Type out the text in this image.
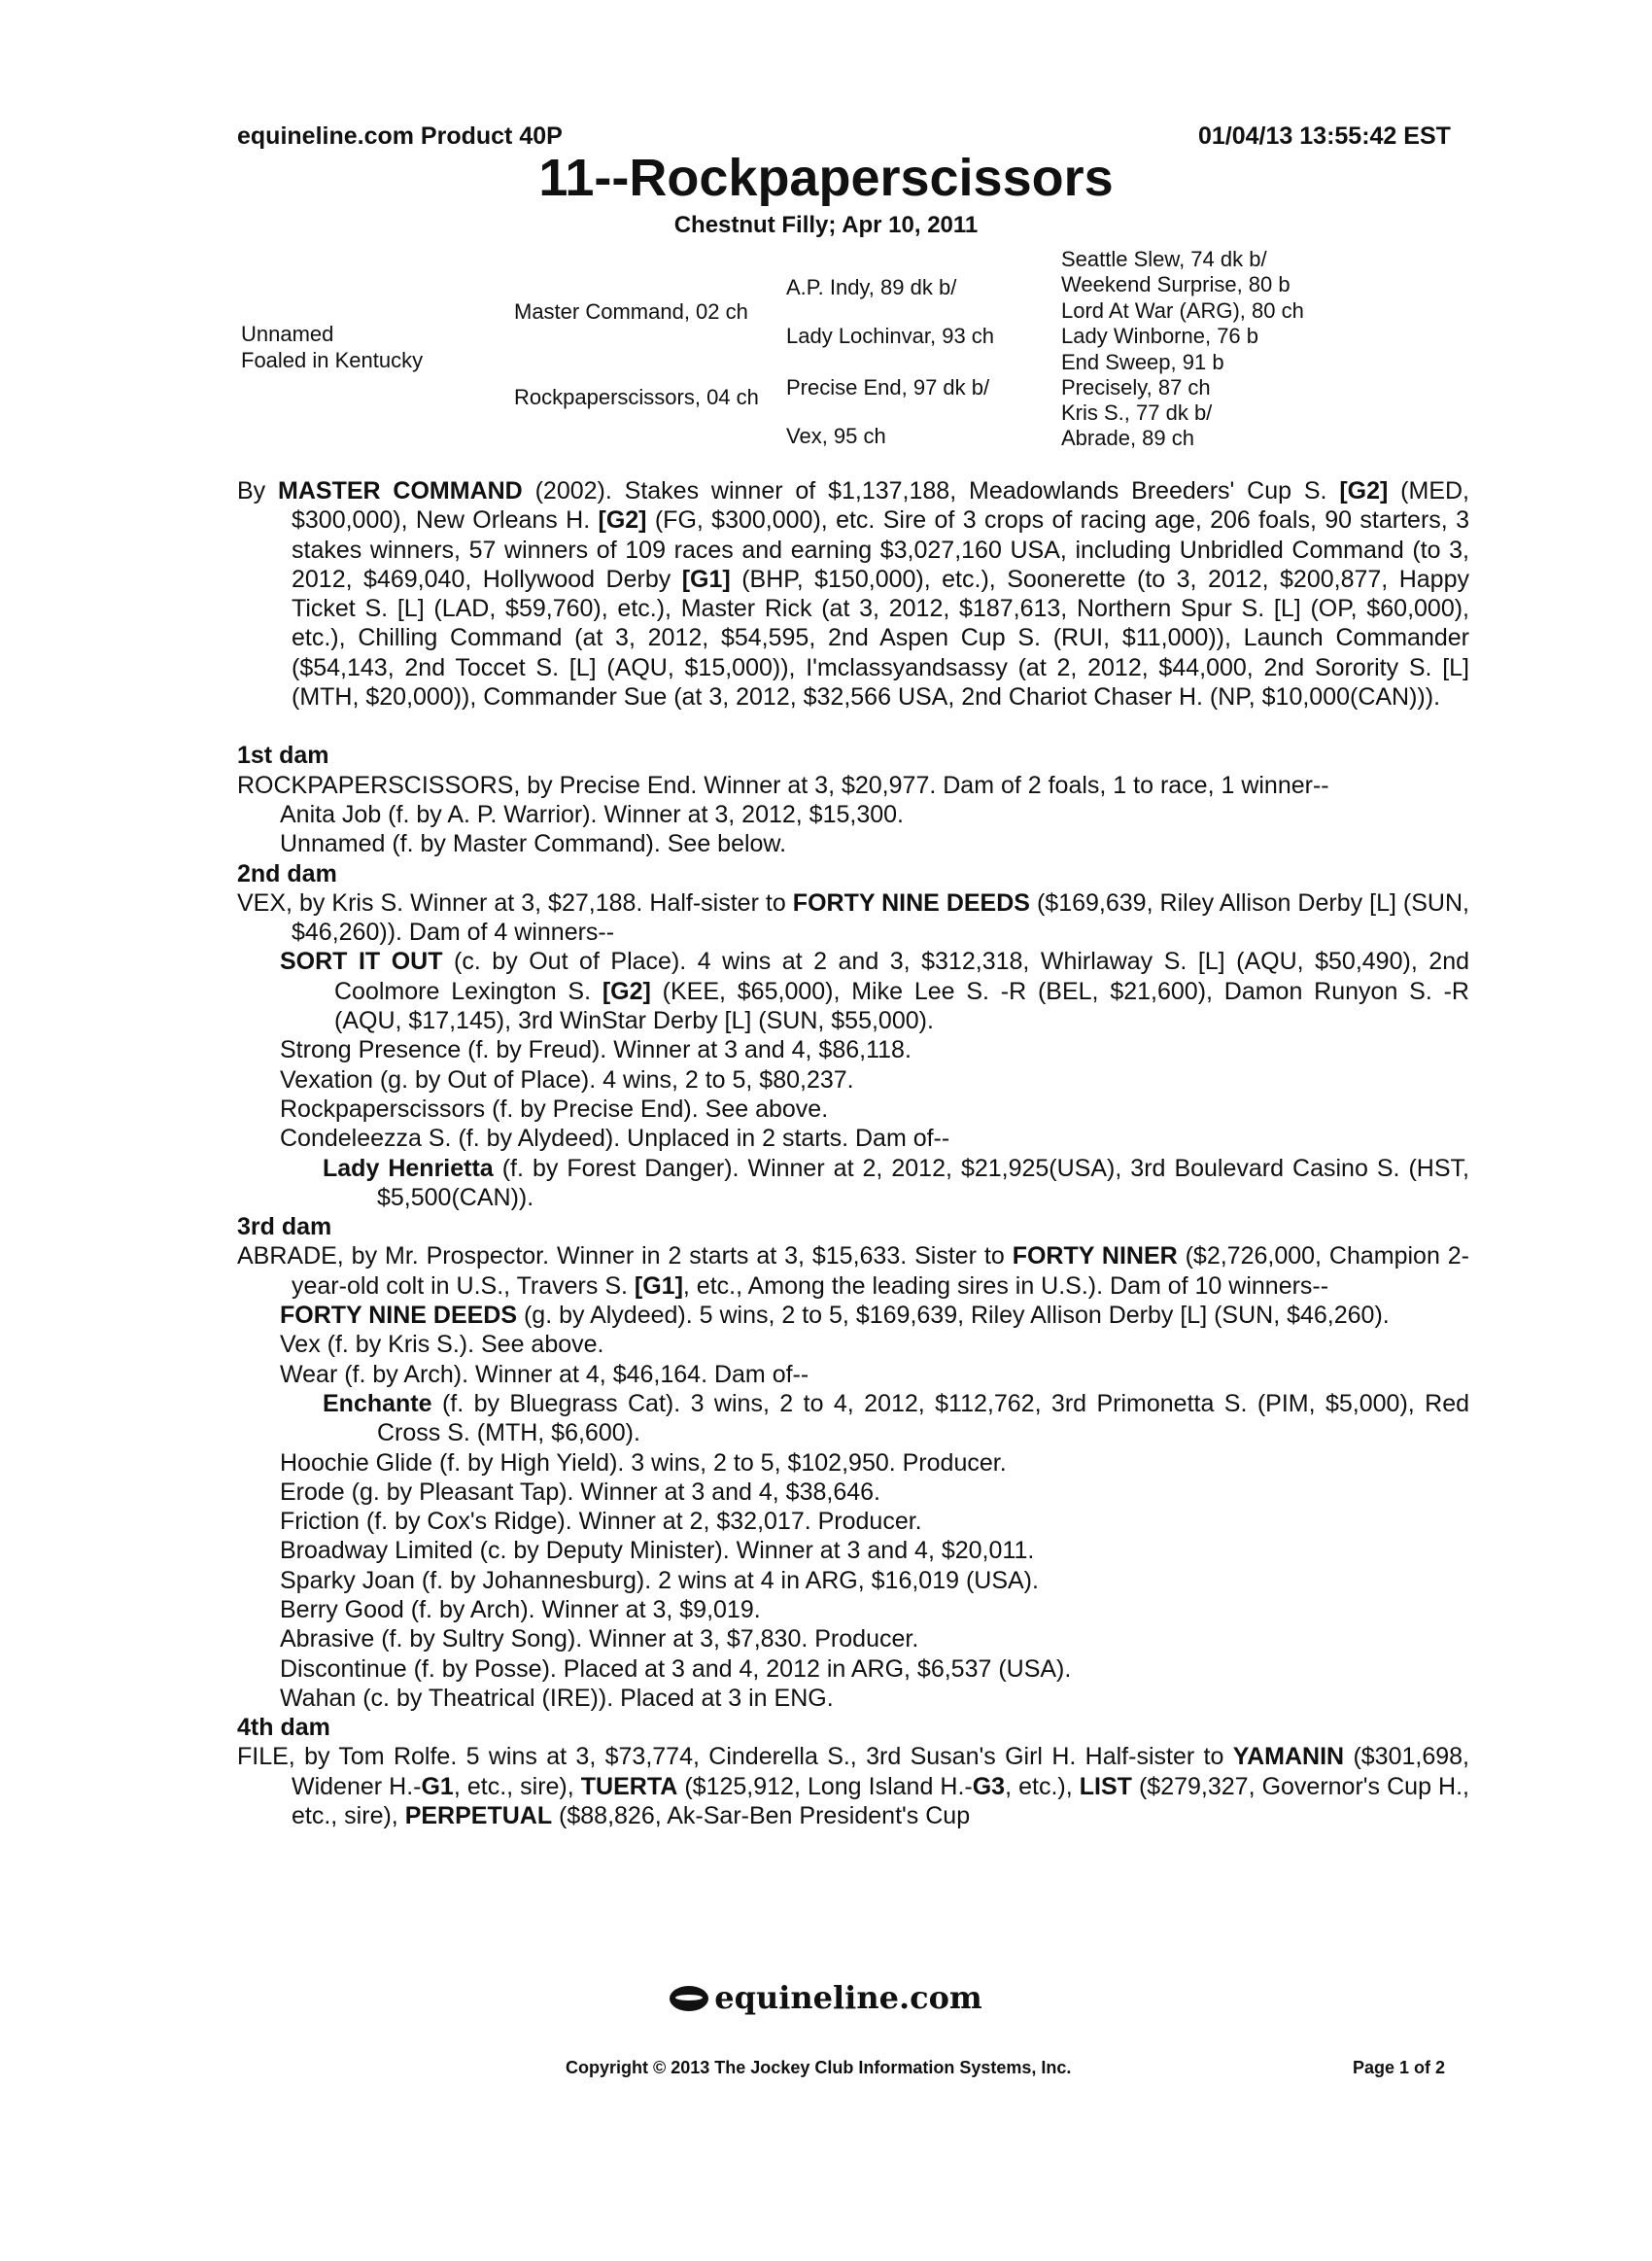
equineline.com Product 40P	01/04/13 13:55:42 EST
11--Rockpaperscissors
Chestnut Filly; Apr 10, 2011
Unnamed
Foaled in Kentucky
Master Command, 02 ch
Rockpaperscissors, 04 ch
A.P. Indy, 89 dk b/
Lady Lochinvar, 93 ch
Precise End, 97 dk b/
Vex, 95 ch
Seattle Slew, 74 dk b/
Weekend Surprise, 80 b
Lord At War (ARG), 80 ch
Lady Winborne, 76 b
End Sweep, 91 b
Precisely, 87 ch
Kris S., 77 dk b/
Abrade, 89 ch

By MASTER COMMAND (2002). Stakes winner of $1,137,188, Meadowlands Breeders' Cup S. [G2] (MED, $300,000), New Orleans H. [G2] (FG, $300,000), etc. Sire of 3 crops of racing age, 206 foals, 90 starters, 3 stakes winners, 57 winners of 109 races and earning $3,027,160 USA, including Unbridled Command (to 3, 2012, $469,040, Hollywood Derby [G1] (BHP, $150,000), etc.), Soonerette (to 3, 2012, $200,877, Happy Ticket S. [L] (LAD, $59,760), etc.), Master Rick (at 3, 2012, $187,613, Northern Spur S. [L] (OP, $60,000), etc.), Chilling Command (at 3, 2012, $54,595, 2nd Aspen Cup S. (RUI, $11,000)), Launch Commander ($54,143, 2nd Toccet S. [L] (AQU, $15,000)), I'mclassyandsassy (at 2, 2012, $44,000, 2nd Sorority S. [L] (MTH, $20,000)), Commander Sue (at 3, 2012, $32,566 USA, 2nd Chariot Chaser H. (NP, $10,000(CAN))).

1st dam

ROCKPAPERSCISSORS, by Precise End. Winner at 3, $20,977. Dam of 2 foals, 1 to race, 1 winner--

Anita Job (f. by A. P. Warrior). Winner at 3, 2012, $15,300.

Unnamed (f. by Master Command). See below.

2nd dam

VEX, by Kris S. Winner at 3, $27,188. Half-sister to FORTY NINE DEEDS ($169,639, Riley Allison Derby [L] (SUN, $46,260)). Dam of 4 winners--

SORT IT OUT (c. by Out of Place). 4 wins at 2 and 3, $312,318, Whirlaway S. [L] (AQU, $50,490), 2nd Coolmore Lexington S. [G2] (KEE, $65,000), Mike Lee S. -R (BEL, $21,600), Damon Runyon S. -R (AQU, $17,145), 3rd WinStar Derby [L] (SUN, $55,000).

Strong Presence (f. by Freud). Winner at 3 and 4, $86,118.

Vexation (g. by Out of Place). 4 wins, 2 to 5, $80,237.

Rockpaperscissors (f. by Precise End). See above.

Condeleezza S. (f. by Alydeed). Unplaced in 2 starts. Dam of--

Lady Henrietta (f. by Forest Danger). Winner at 2, 2012, $21,925(USA), 3rd Boulevard Casino S. (HST, $5,500(CAN)).

3rd dam

ABRADE, by Mr. Prospector. Winner in 2 starts at 3, $15,633. Sister to FORTY NINER ($2,726,000, Champion 2-year-old colt in U.S., Travers S. [G1], etc., Among the leading sires in U.S.). Dam of 10 winners--

FORTY NINE DEEDS (g. by Alydeed). 5 wins, 2 to 5, $169,639, Riley Allison Derby [L] (SUN, $46,260).

Vex (f. by Kris S.). See above.

Wear (f. by Arch). Winner at 4, $46,164. Dam of--

Enchante (f. by Bluegrass Cat). 3 wins, 2 to 4, 2012, $112,762, 3rd Primonetta S. (PIM, $5,000), Red Cross S. (MTH, $6,600).

Hoochie Glide (f. by High Yield). 3 wins, 2 to 5, $102,950. Producer.

Erode (g. by Pleasant Tap). Winner at 3 and 4, $38,646.

Friction (f. by Cox's Ridge). Winner at 2, $32,017. Producer.

Broadway Limited (c. by Deputy Minister). Winner at 3 and 4, $20,011.

Sparky Joan (f. by Johannesburg). 2 wins at 4 in ARG, $16,019 (USA).

Berry Good (f. by Arch). Winner at 3, $9,019.

Abrasive (f. by Sultry Song). Winner at 3, $7,830. Producer.

Discontinue (f. by Posse). Placed at 3 and 4, 2012 in ARG, $6,537 (USA).

Wahan (c. by Theatrical (IRE)). Placed at 3 in ENG.

4th dam

FILE, by Tom Rolfe. 5 wins at 3, $73,774, Cinderella S., 3rd Susan's Girl H. Half-sister to YAMANIN ($301,698, Widener H.-G1, etc., sire), TUERTA ($125,912, Long Island H.-G3, etc.), LIST ($279,327, Governor's Cup H., etc., sire), PERPETUAL ($88,826, Ak-Sar-Ben President's Cup

equineline.com
Copyright © 2013 The Jockey Club Information Systems, Inc.	Page 1 of 2
